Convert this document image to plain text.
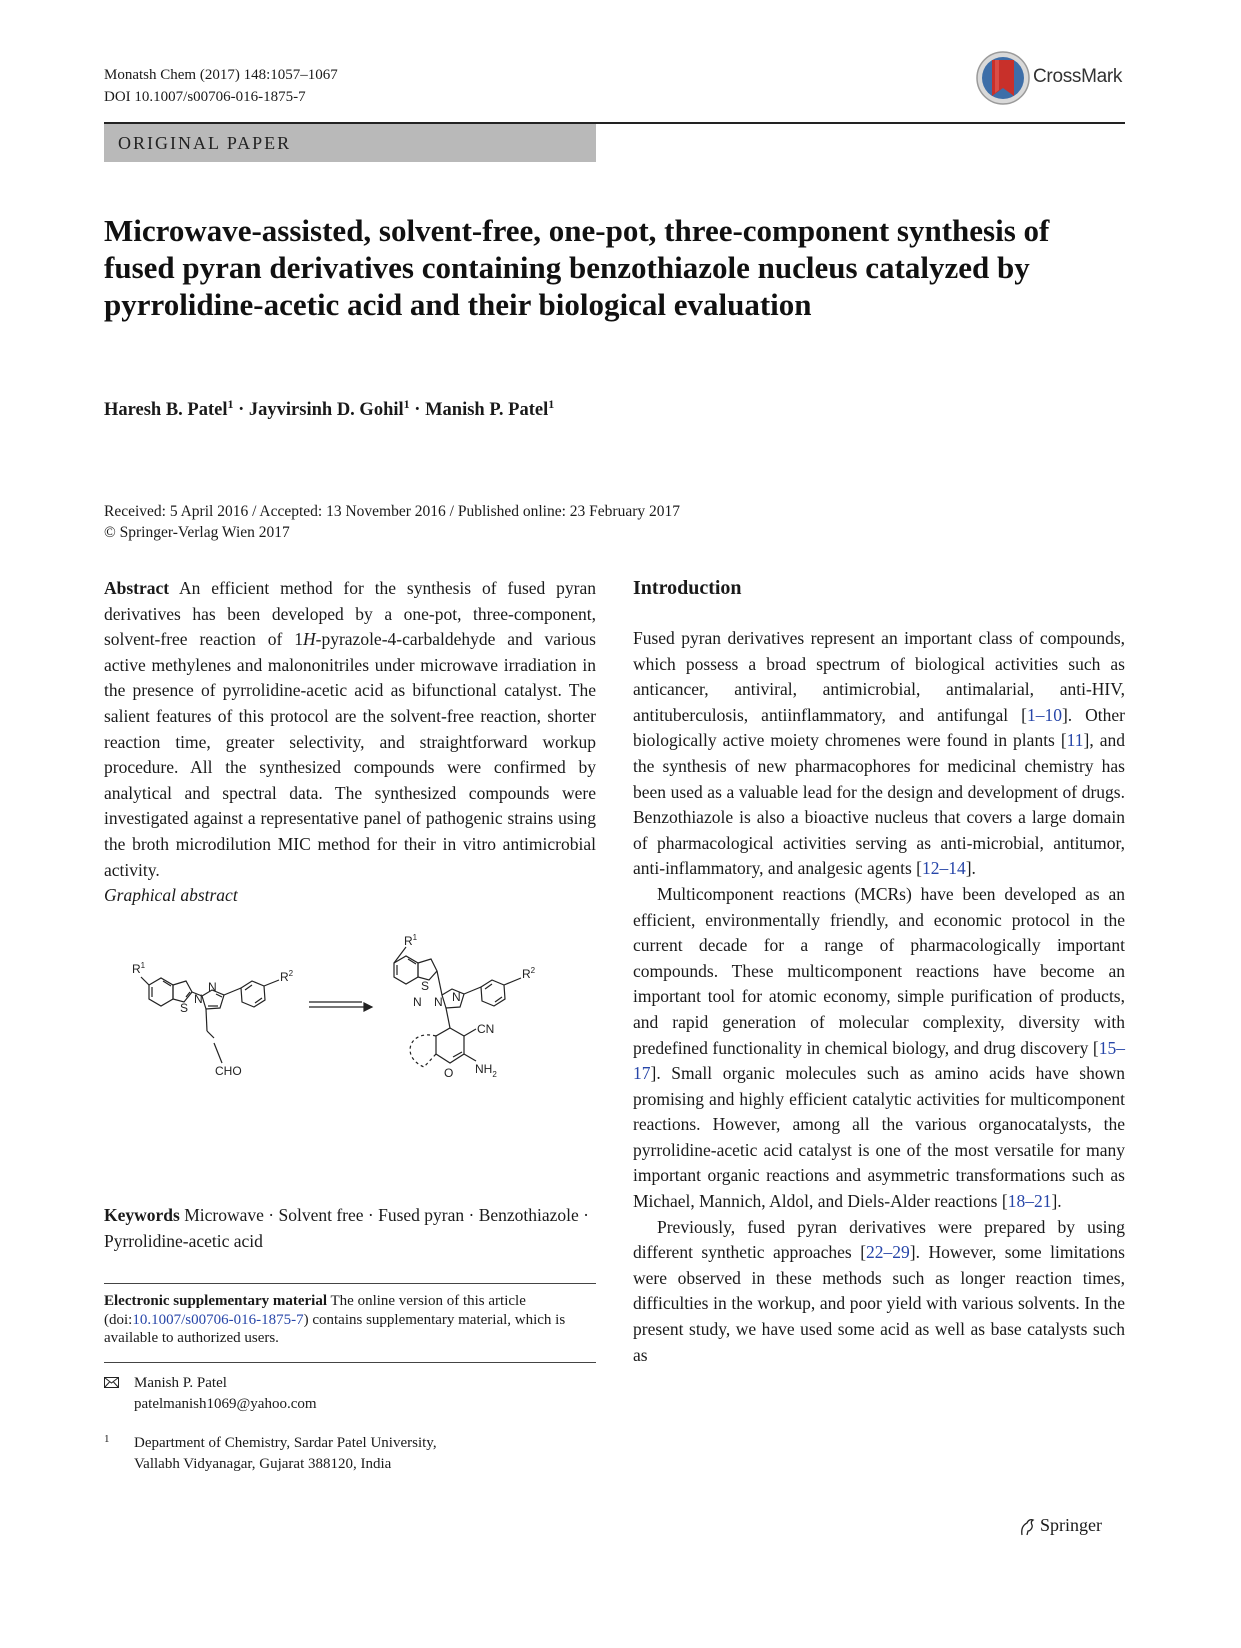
Monatsh Chem (2017) 148:1057–1067
DOI 10.1007/s00706-016-1875-7
CrossMark
ORIGINAL PAPER
Microwave-assisted, solvent-free, one-pot, three-component synthesis of fused pyran derivatives containing benzothiazole nucleus catalyzed by pyrrolidine-acetic acid and their biological evaluation
Haresh B. Patel$^1$ · Jayvirsinh D. Gohil$^1$ · Manish P. Patel$^1$
Received: 5 April 2016 / Accepted: 13 November 2016 / Published online: 23 February 2017
© Springer-Verlag Wien 2017

Abstract An efficient method for the synthesis of fused pyran derivatives has been developed by a one-pot, three-component, solvent-free reaction of 1H-pyrazole-4-carbaldehyde and various active methylenes and malononitriles under microwave irradiation in the presence of pyrrolidine-acetic acid as bifunctional catalyst. The salient features of this protocol are the solvent-free reaction, shorter reaction time, greater selectivity, and straightforward workup procedure. All the synthesized compounds were confirmed by analytical and spectral data. The synthesized compounds were investigated against a representative panel of pathogenic strains using the broth microdilution MIC method for their in vitro antimicrobial activity.

Graphical abstract

$R^1$
S
N
N
$R^2$
CHO
$R^1$
S
N N N
$R^2$
CN
O $NH_2$
Keywords Microwave · Solvent free · Fused pyran · Benzothiazole · Pyrrolidine-acetic acid
Electronic supplementary material The online version of this article (doi:10.1007/s00706-016-1875-7) contains supplementary material, which is available to authorized users.
Manish P. Patel
patelmanish1069@yahoo.com
1 Department of Chemistry, Sardar Patel University,
Vallabh Vidyanagar, Gujarat 388120, India

Introduction

Fused pyran derivatives represent an important class of compounds, which possess a broad spectrum of biological activities such as anticancer, antiviral, antimicrobial, antimalarial, anti-HIV, antituberculosis, antiinflammatory, and antifungal [1–10]. Other biologically active moiety chromenes were found in plants [11], and the synthesis of new pharmacophores for medicinal chemistry has been used as a valuable lead for the design and development of drugs. Benzothiazole is also a bioactive nucleus that covers a large domain of pharmacological activities serving as anti-microbial, antitumor, anti-inflammatory, and analgesic agents [12–14].

Multicomponent reactions (MCRs) have been developed as an efficient, environmentally friendly, and economic protocol in the current decade for a range of pharmacologically important compounds. These multicomponent reactions have become an important tool for atomic economy, simple purification of products, and rapid generation of molecular complexity, diversity with predefined functionality in chemical biology, and drug discovery [15–17]. Small organic molecules such as amino acids have shown promising and highly efficient catalytic activities for multicomponent reactions. However, among all the various organocatalysts, the pyrrolidine-acetic acid catalyst is one of the most versatile for many important organic reactions and asymmetric transformations such as Michael, Mannich, Aldol, and Diels-Alder reactions [18–21].

Previously, fused pyran derivatives were prepared by using different synthetic approaches [22–29]. However, some limitations were observed in these methods such as longer reaction times, difficulties in the workup, and poor yield with various solvents. In the present study, we have used some acid as well as base catalysts such as

Springer
